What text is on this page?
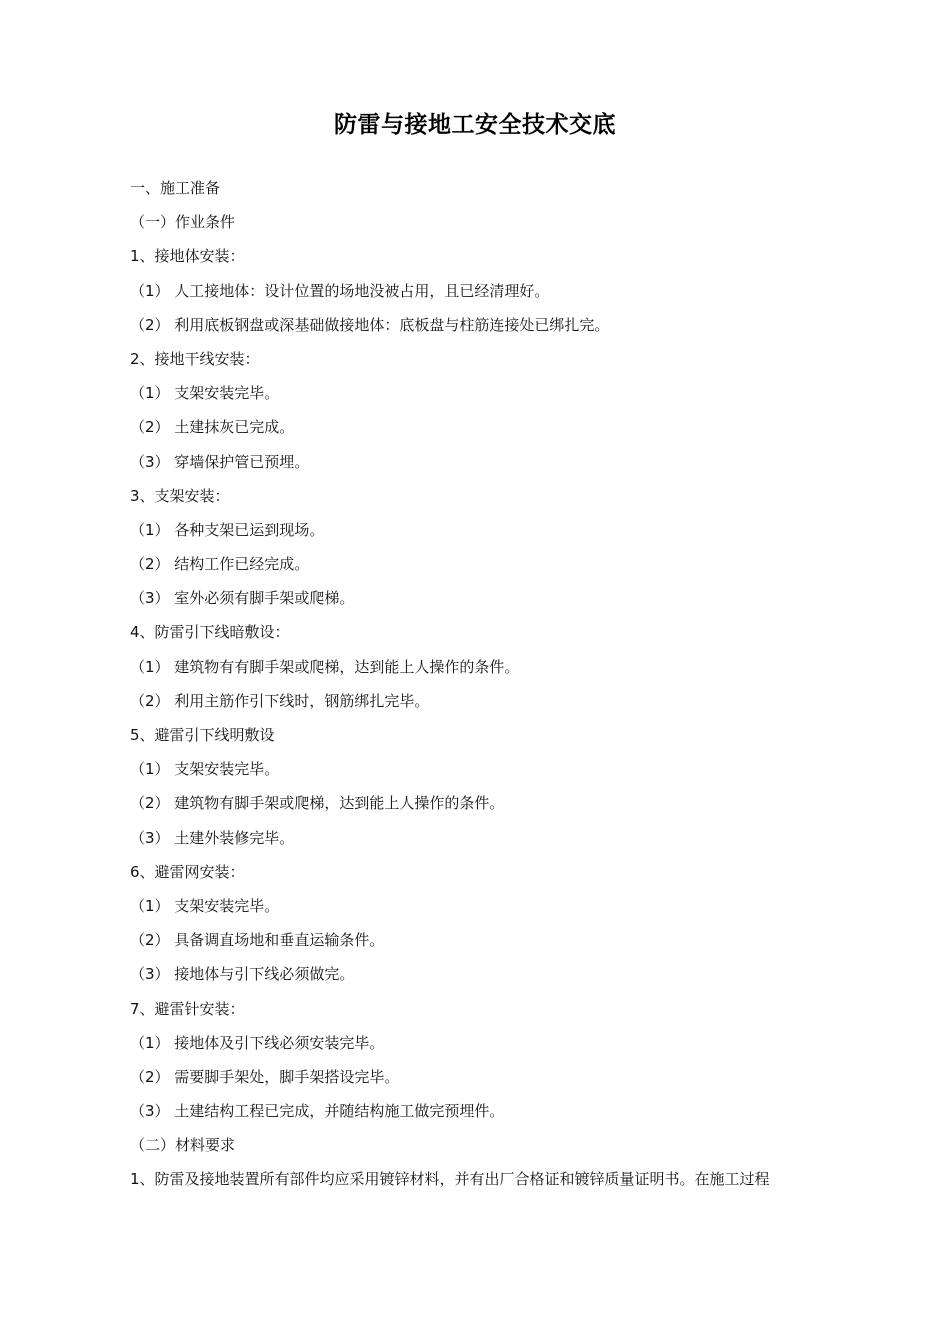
防雷与接地工安全技术交底
一、施工准备
（一）作业条件
1、接地体安装：
（1） 人工接地体：设计位置的场地没被占用，且已经清理好。
（2） 利用底板钢盘或深基础做接地体：底板盘与柱筋连接处已绑扎完。
2、接地干线安装：
（1） 支架安装完毕。
（2） 土建抹灰已完成。
（3） 穿墙保护管已预埋。
3、支架安装：
（1） 各种支架已运到现场。
（2） 结构工作已经完成。
（3） 室外必须有脚手架或爬梯。
4、防雷引下线暗敷设：
（1） 建筑物有有脚手架或爬梯，达到能上人操作的条件。
（2） 利用主筋作引下线时，钢筋绑扎完毕。
5、避雷引下线明敷设
（1） 支架安装完毕。
（2） 建筑物有脚手架或爬梯，达到能上人操作的条件。
（3） 土建外装修完毕。
6、避雷网安装：
（1） 支架安装完毕。
（2） 具备调直场地和垂直运输条件。
（3） 接地体与引下线必须做完。
7、避雷针安装：
（1） 接地体及引下线必须安装完毕。
（2） 需要脚手架处，脚手架搭设完毕。
（3） 土建结构工程已完成，并随结构施工做完预埋件。
（二）材料要求
1、防雷及接地装置所有部件均应采用镀锌材料，并有出厂合格证和镀锌质量证明书。在施工过程
